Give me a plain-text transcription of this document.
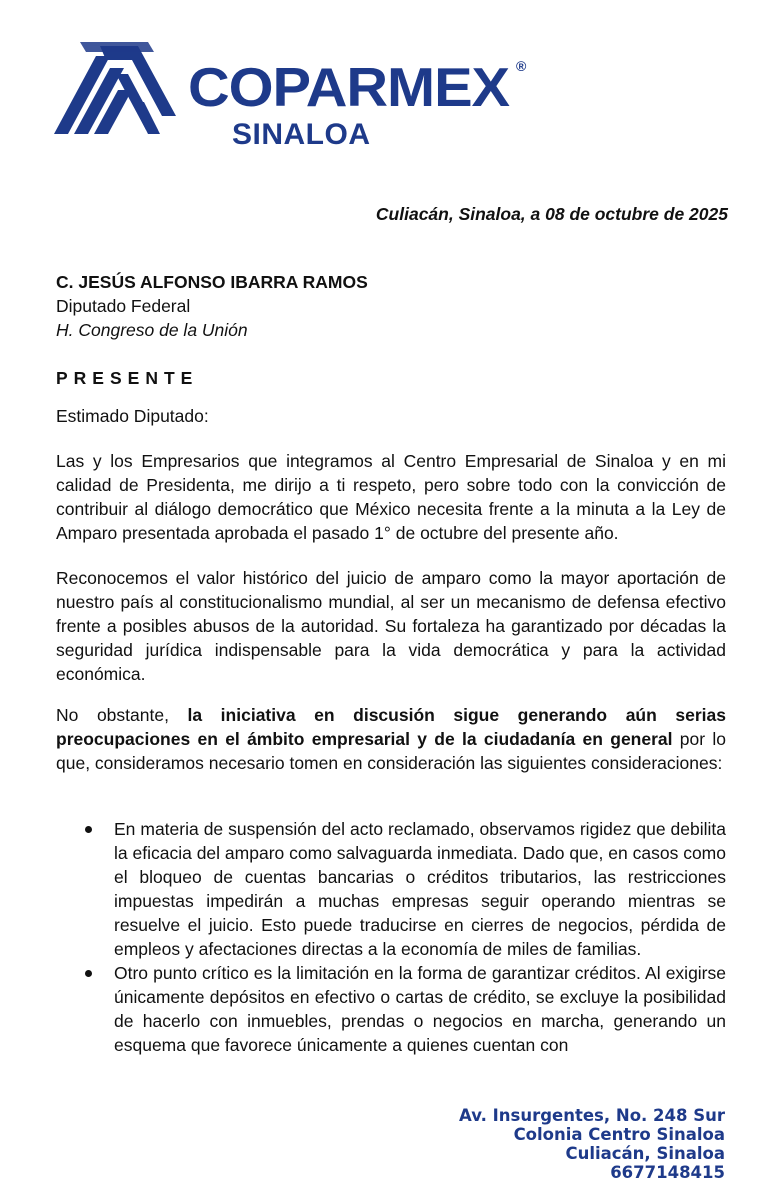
COPARMEX ®
SINALOA
Culiacán, Sinaloa, a 08 de octubre de 2025
C. JESÚS ALFONSO IBARRA RAMOS
Diputado Federal
H. Congreso de la Unión
PRESENTE
Estimado Diputado:
Las y los Empresarios que integramos al Centro Empresarial de Sinaloa y en mi calidad de Presidenta, me dirijo a ti respeto, pero sobre todo con la convicción de contribuir al diálogo democrático que México necesita frente a la minuta a la Ley de Amparo presentada aprobada el pasado 1° de octubre del presente año.
Reconocemos el valor histórico del juicio de amparo como la mayor aportación de nuestro país al constitucionalismo mundial, al ser un mecanismo de defensa efectivo frente a posibles abusos de la autoridad. Su fortaleza ha garantizado por décadas la seguridad jurídica indispensable para la vida democrática y para la actividad económica.
No obstante, la iniciativa en discusión sigue generando aún serias preocupaciones en el ámbito empresarial y de la ciudadanía en general por lo que, consideramos necesario tomen en consideración las siguientes consideraciones:
En materia de suspensión del acto reclamado, observamos rigidez que debilita la eficacia del amparo como salvaguarda inmediata. Dado que, en casos como el bloqueo de cuentas bancarias o créditos tributarios, las restricciones impuestas impedirán a muchas empresas seguir operando mientras se resuelve el juicio. Esto puede traducirse en cierres de negocios, pérdida de empleos y afectaciones directas a la economía de miles de familias.
Otro punto crítico es la limitación en la forma de garantizar créditos. Al exigirse únicamente depósitos en efectivo o cartas de crédito, se excluye la posibilidad de hacerlo con inmuebles, prendas o negocios en marcha, generando un esquema que favorece únicamente a quienes cuentan con
Av. Insurgentes, No. 248 Sur
Colonia Centro Sinaloa
Culiacán, Sinaloa
6677148415
